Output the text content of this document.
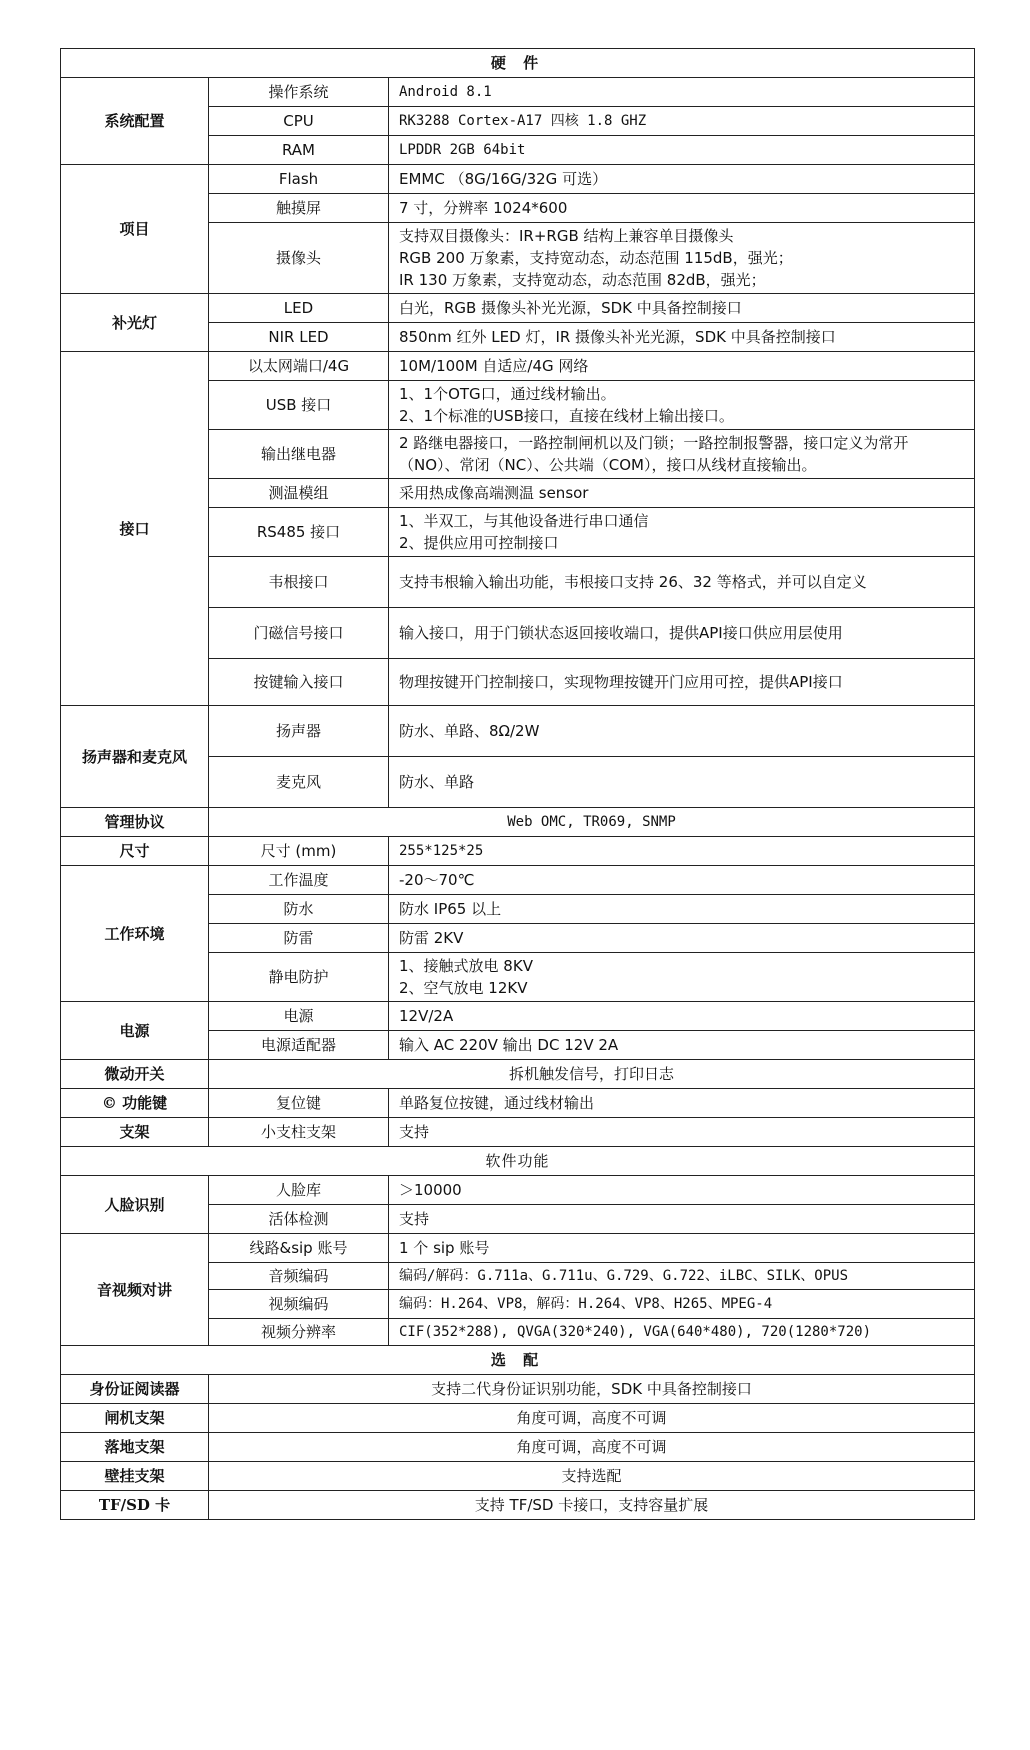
硬 件		
系统配置	操作系统	Android 8.1

	CPU	RK3288 Cortex-A17 四核 1.8 GHZ

	RAM	LPDDR 2GB 64bit

项目	Flash	EMMC （8G/16G/32G 可选）

	触摸屏	7 寸，分辨率 1024*600

	摄像头	支持双目摄像头：IR+RGB 结构上兼容单目摄像头
RGB 200 万象素，支持宽动态，动态范围 115dB，强光；
IR 130 万象素，支持宽动态，动态范围 82dB，强光；

补光灯	LED	白光，RGB 摄像头补光光源，SDK 中具备控制接口

	NIR LED	850nm 红外 LED 灯，IR 摄像头补光光源，SDK 中具备控制接口

接口	以太网端口/4G	10M/100M 自适应/4G 网络

	USB 接口	1、1个OTG口，通过线材输出。
2、1个标准的USB接口，直接在线材上输出接口。

	输出继电器	2 路继电器接口，一路控制闸机以及门锁；一路控制报警器，接口定义为常开（NO）、常闭（NC）、公共端（COM），接口从线材直接输出。

	测温模组	采用热成像高端测温 sensor

	RS485 接口	1、半双工，与其他设备进行串口通信
2、提供应用可控制接口

	韦根接口	支持韦根输入输出功能，韦根接口支持 26、32 等格式，并可以自定义

	门磁信号接口	输入接口，用于门锁状态返回接收端口，提供API接口供应用层使用

	按键输入接口	物理按键开门控制接口，实现物理按键开门应用可控，提供API接口

扬声器和麦克风	扬声器	防水、单路、8Ω/2W

	麦克风	防水、单路

管理协议	Web OMC, TR069, SNMP	
尺寸	尺寸 (mm)	255*125*25

工作环境	工作温度	-20～70℃

	防水	防水 IP65 以上

	防雷	防雷 2KV

	静电防护	1、接触式放电 8KV
2、空气放电 12KV

电源	电源	12V/2A

	电源适配器	输入 AC 220V 输出 DC 12V 2A

微动开关	拆机触发信号，打印日志	
© 功能键	复位键	单路复位按键，通过线材输出

支架	小支柱支架	支持

软件功能		
人脸识别	人脸库	＞10000

	活体检测	支持

音视频对讲	线路&sip 账号	1 个 sip 账号

	音频编码	编码/解码：G.711a、G.711u、G.729、G.722、iLBC、SILK、OPUS

	视频编码	编码：H.264、VP8，解码：H.264、VP8、H265、MPEG-4

	视频分辨率	CIF(352*288), QVGA(320*240), VGA(640*480), 720(1280*720)

选 配		
身份证阅读器	支持二代身份证识别功能，SDK 中具备控制接口	
闸机支架	角度可调，高度不可调	
落地支架	角度可调，高度不可调	
壁挂支架	支持选配	
TF/SD 卡	支持 TF/SD 卡接口，支持容量扩展	
